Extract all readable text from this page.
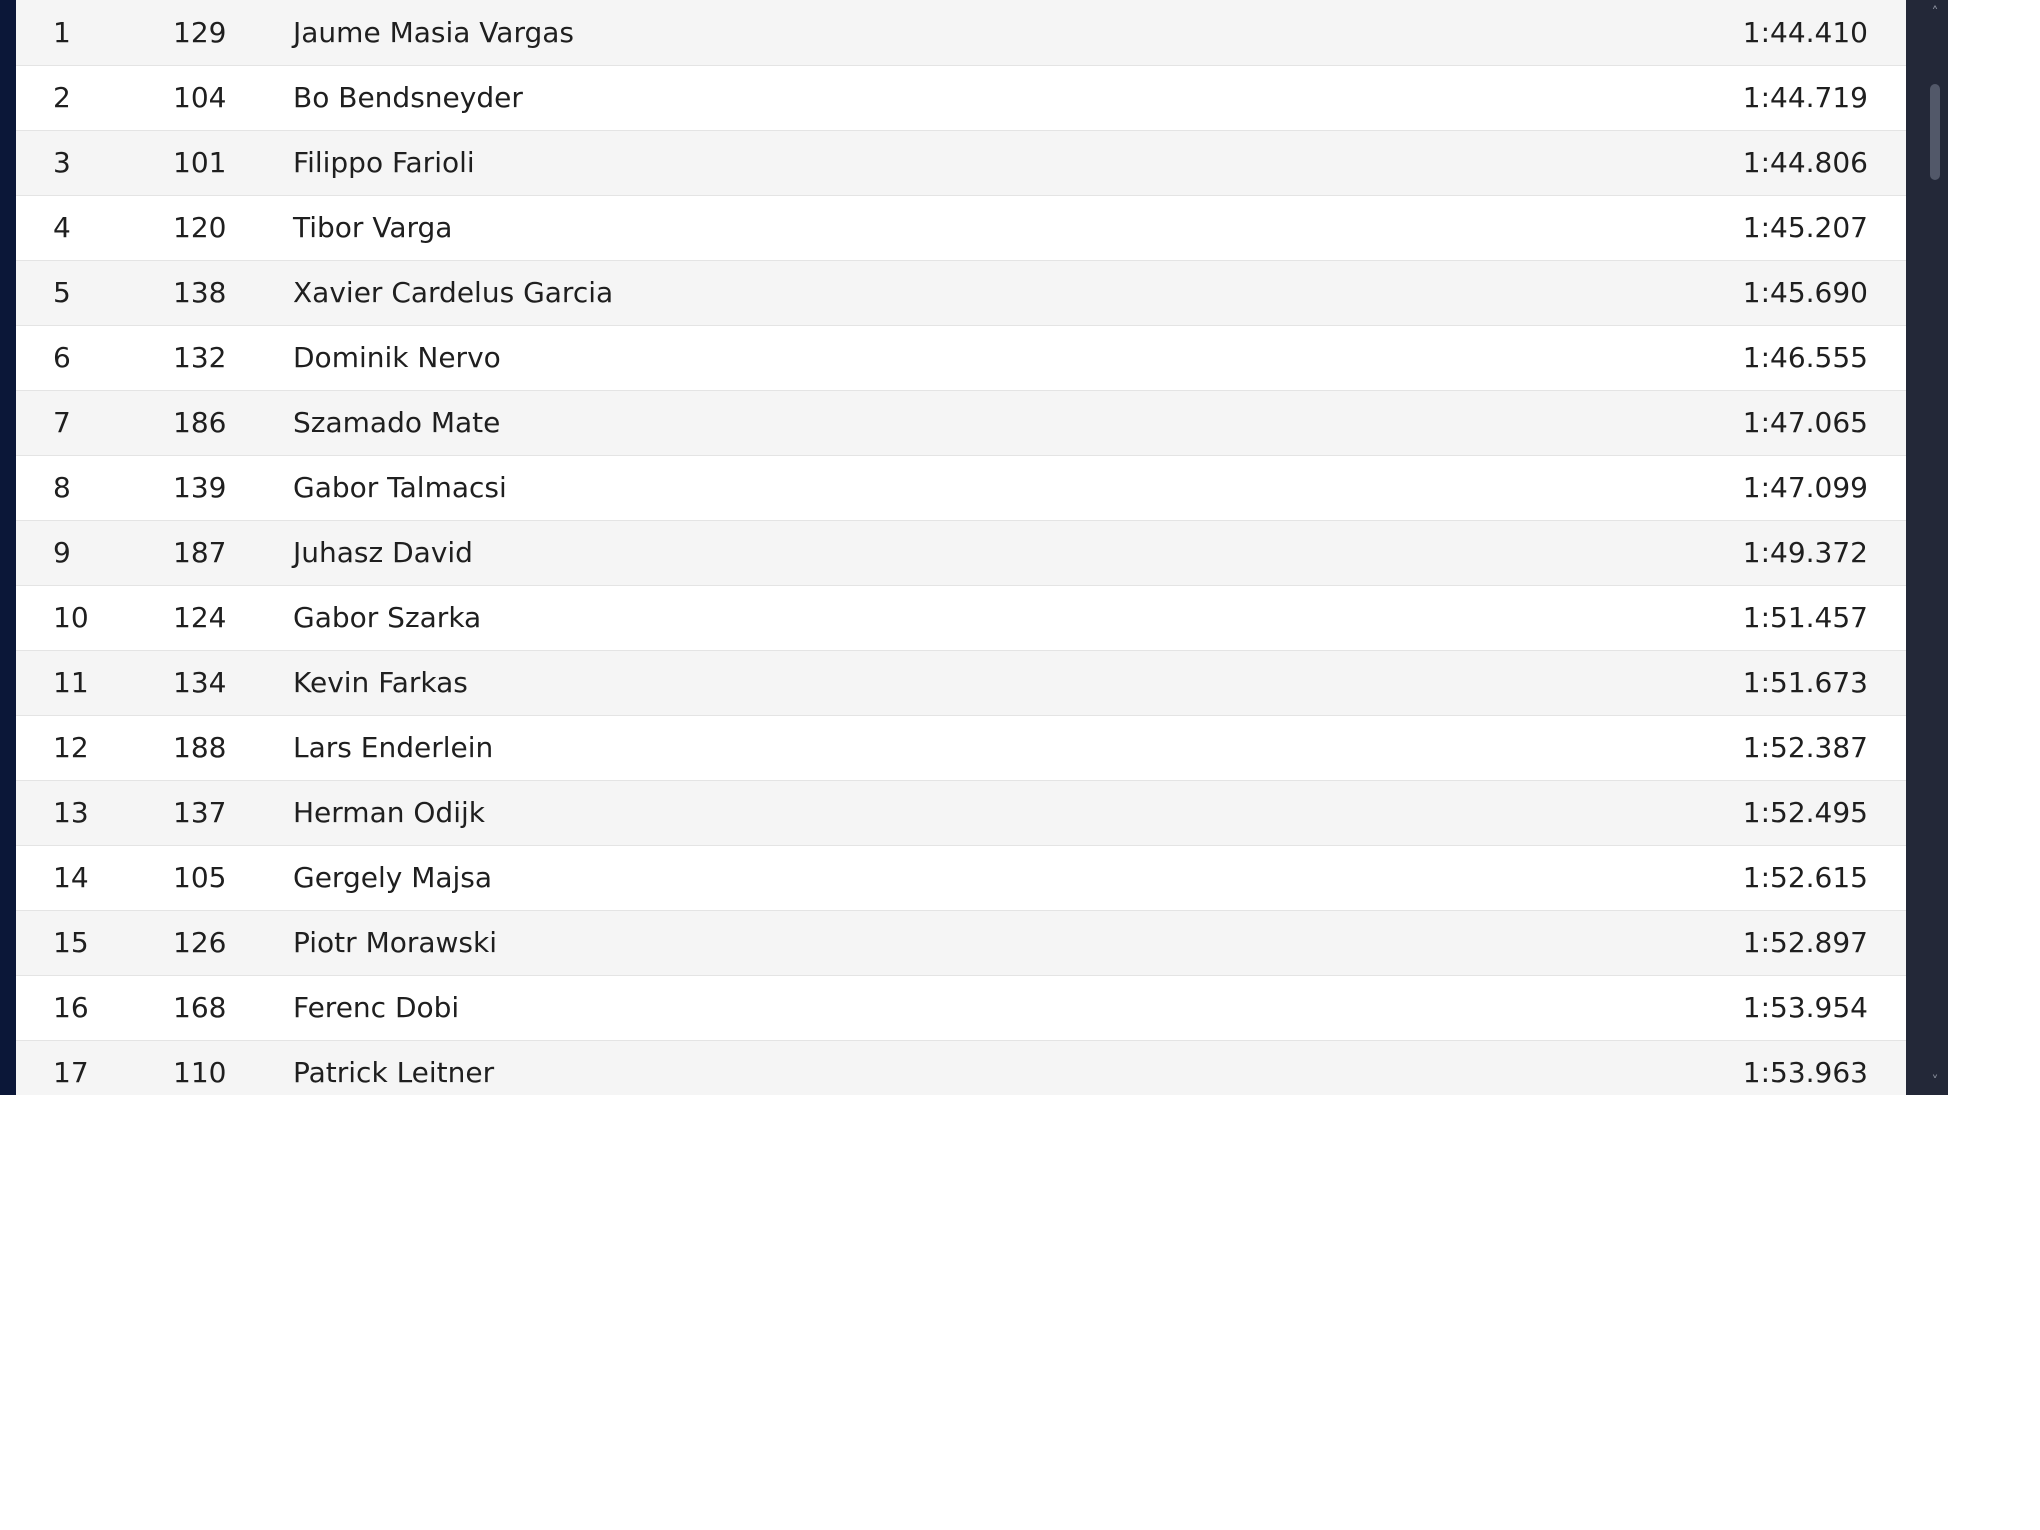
1	129	Jaume Masia Vargas	1:44.410
2	104	Bo Bendsneyder	1:44.719
3	101	Filippo Farioli	1:44.806
4	120	Tibor Varga	1:45.207
5	138	Xavier Cardelus Garcia	1:45.690
6	132	Dominik Nervo	1:46.555
7	186	Szamado Mate	1:47.065
8	139	Gabor Talmacsi	1:47.099
9	187	Juhasz David	1:49.372
10	124	Gabor Szarka	1:51.457
11	134	Kevin Farkas	1:51.673
12	188	Lars Enderlein	1:52.387
13	137	Herman Odijk	1:52.495
14	105	Gergely Majsa	1:52.615
15	126	Piotr Morawski	1:52.897
16	168	Ferenc Dobi	1:53.954
17	110	Patrick Leitner	1:53.963
˄
˅
